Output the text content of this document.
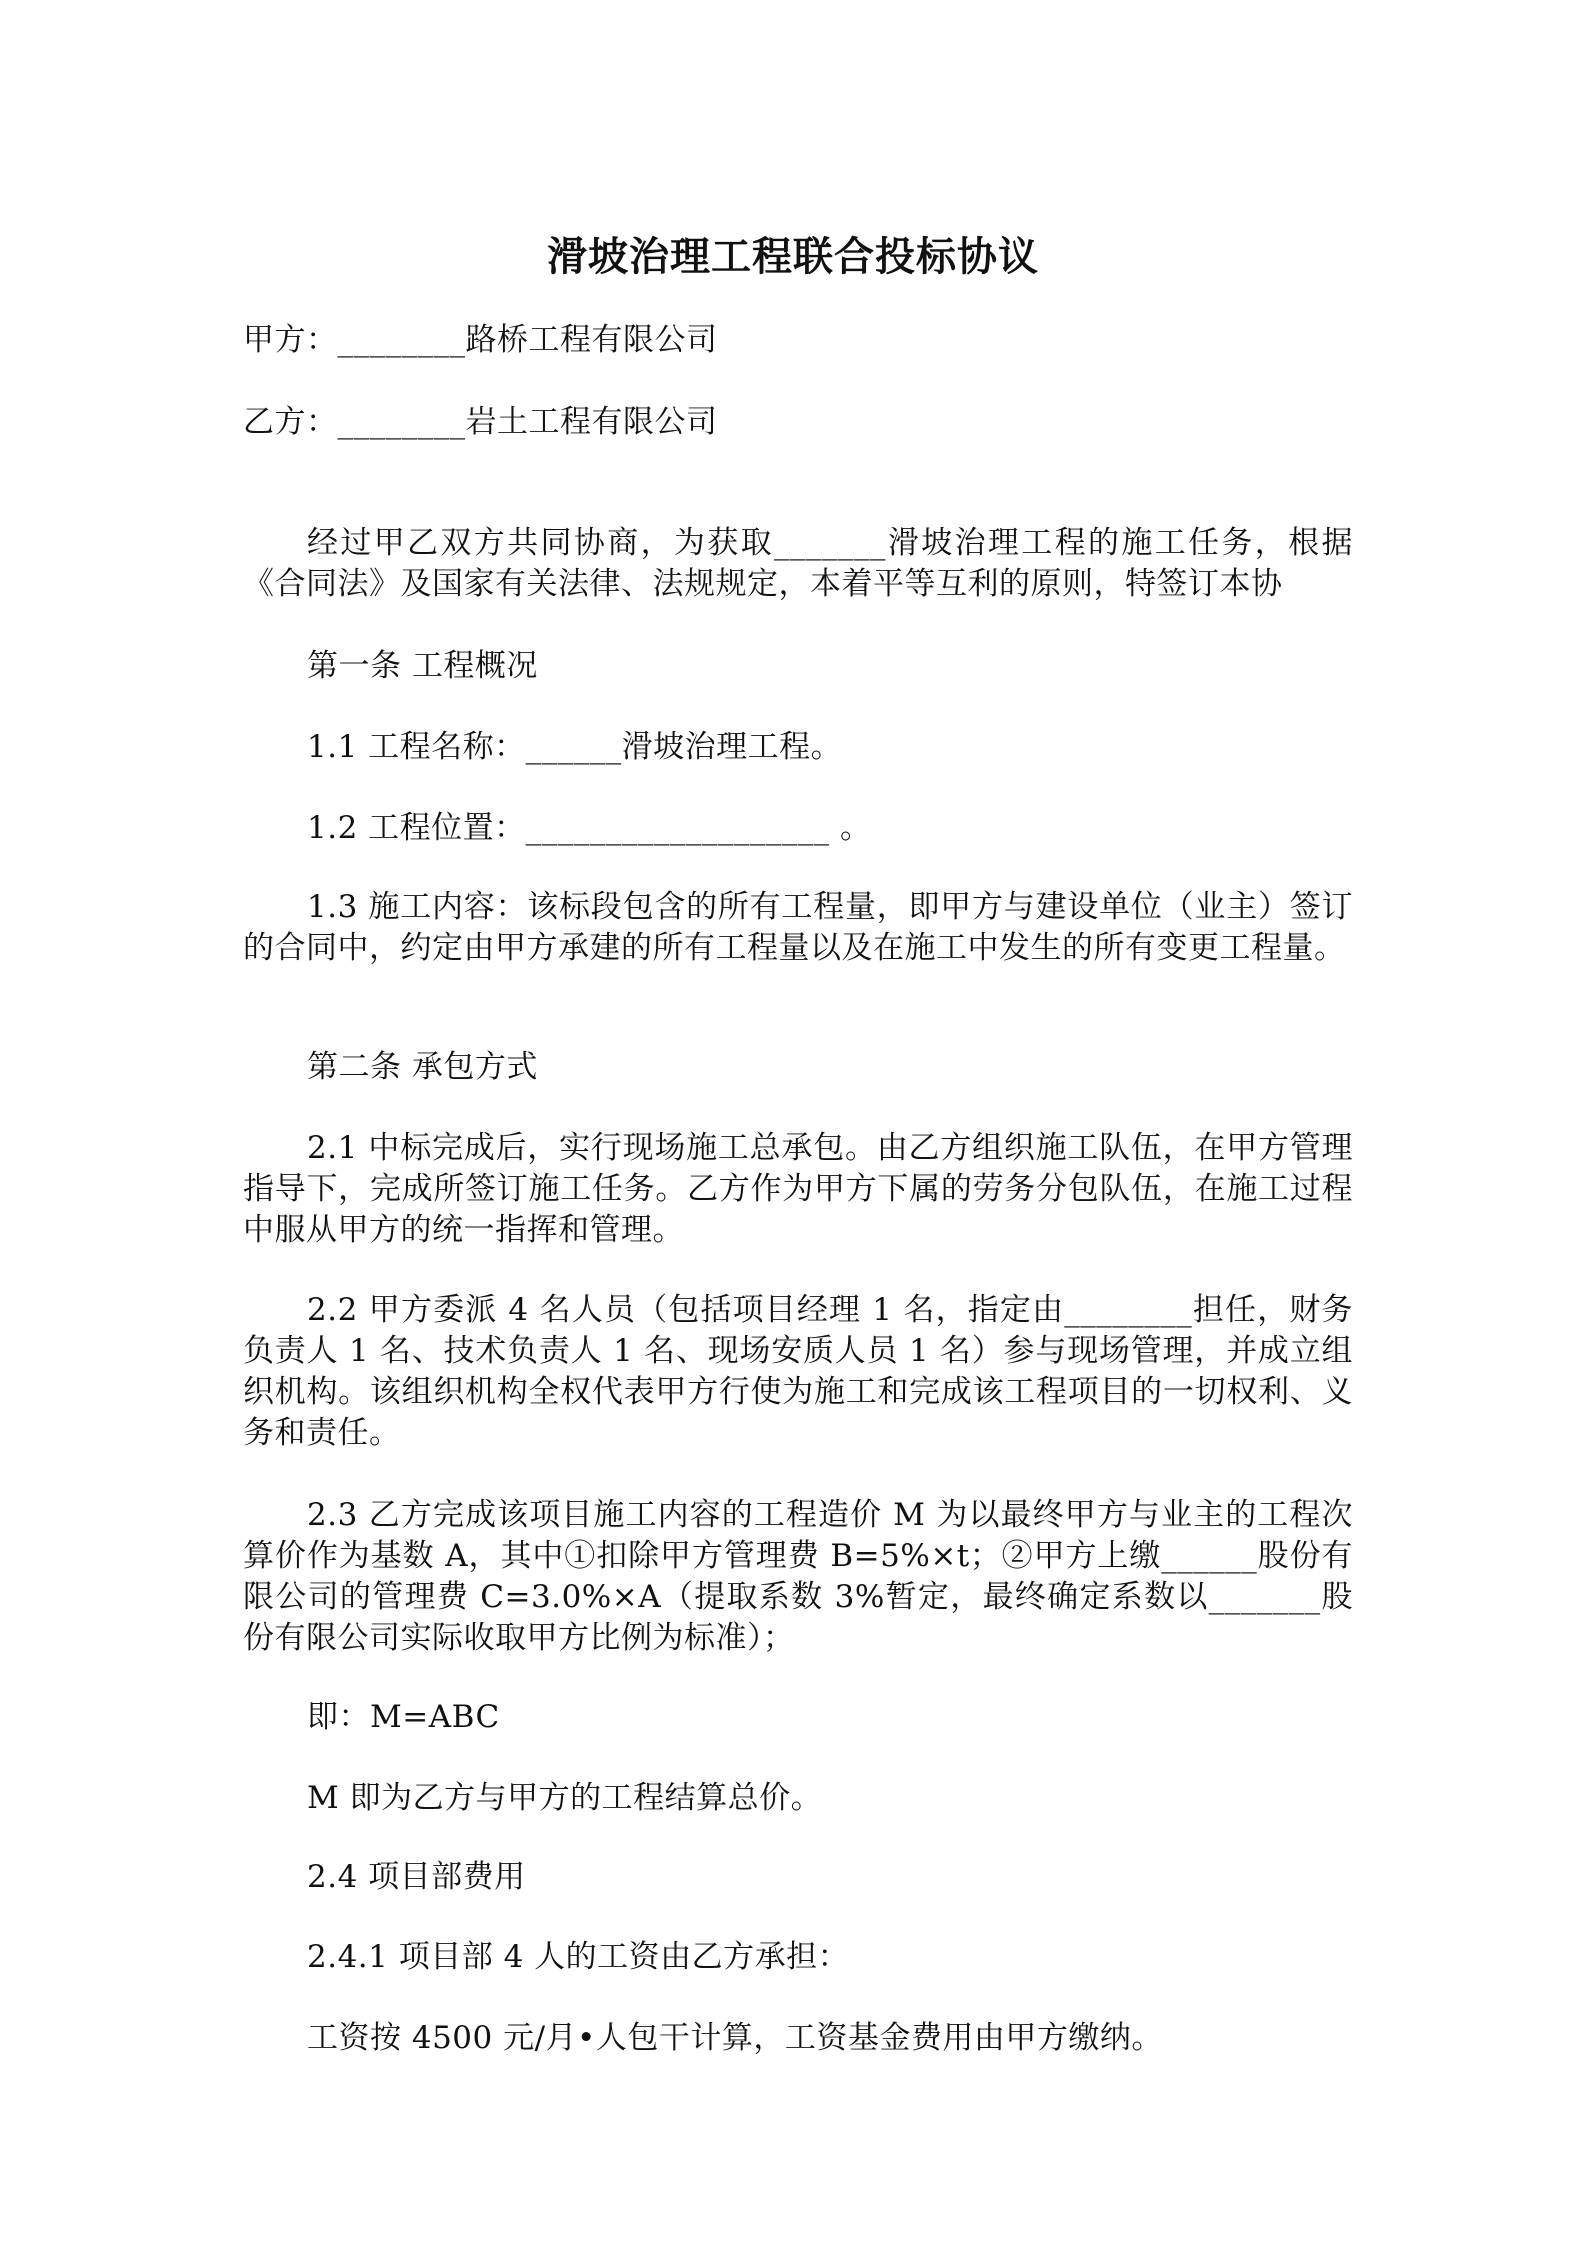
滑坡治理工程联合投标协议
甲方：________路桥工程有限公司
乙方：________岩土工程有限公司
经过甲乙双方共同协商，为获取_______滑坡治理工程的施工任务，根据《合同法》及国家有关法律、法规规定，本着平等互利的原则，特签订本协
第一条 工程概况
1.1 工程名称：______滑坡治理工程。
1.2 工程位置：___________________ 。
1.3 施工内容：该标段包含的所有工程量，即甲方与建设单位（业主）签订的合同中，约定由甲方承建的所有工程量以及在施工中发生的所有变更工程量。
第二条 承包方式
2.1 中标完成后，实行现场施工总承包。由乙方组织施工队伍，在甲方管理指导下，完成所签订施工任务。乙方作为甲方下属的劳务分包队伍，在施工过程中服从甲方的统一指挥和管理。
2.2 甲方委派 4 名人员（包括项目经理 1 名，指定由________担任，财务负责人 1 名、技术负责人 1 名、现场安质人员 1 名）参与现场管理，并成立组织机构。该组织机构全权代表甲方行使为施工和完成该工程项目的一切权利、义务和责任。
2.3 乙方完成该项目施工内容的工程造价 M 为以最终甲方与业主的工程次算价作为基数 A，其中①扣除甲方管理费 B=5%×t；②甲方上缴______股份有限公司的管理费 C=3.0%×A（提取系数 3%暂定，最终确定系数以_______股份有限公司实际收取甲方比例为标准）；
即：M=ABC
M 即为乙方与甲方的工程结算总价。
2.4 项目部费用
2.4.1 项目部 4 人的工资由乙方承担：
工资按 4500 元/月•人包干计算，工资基金费用由甲方缴纳。
